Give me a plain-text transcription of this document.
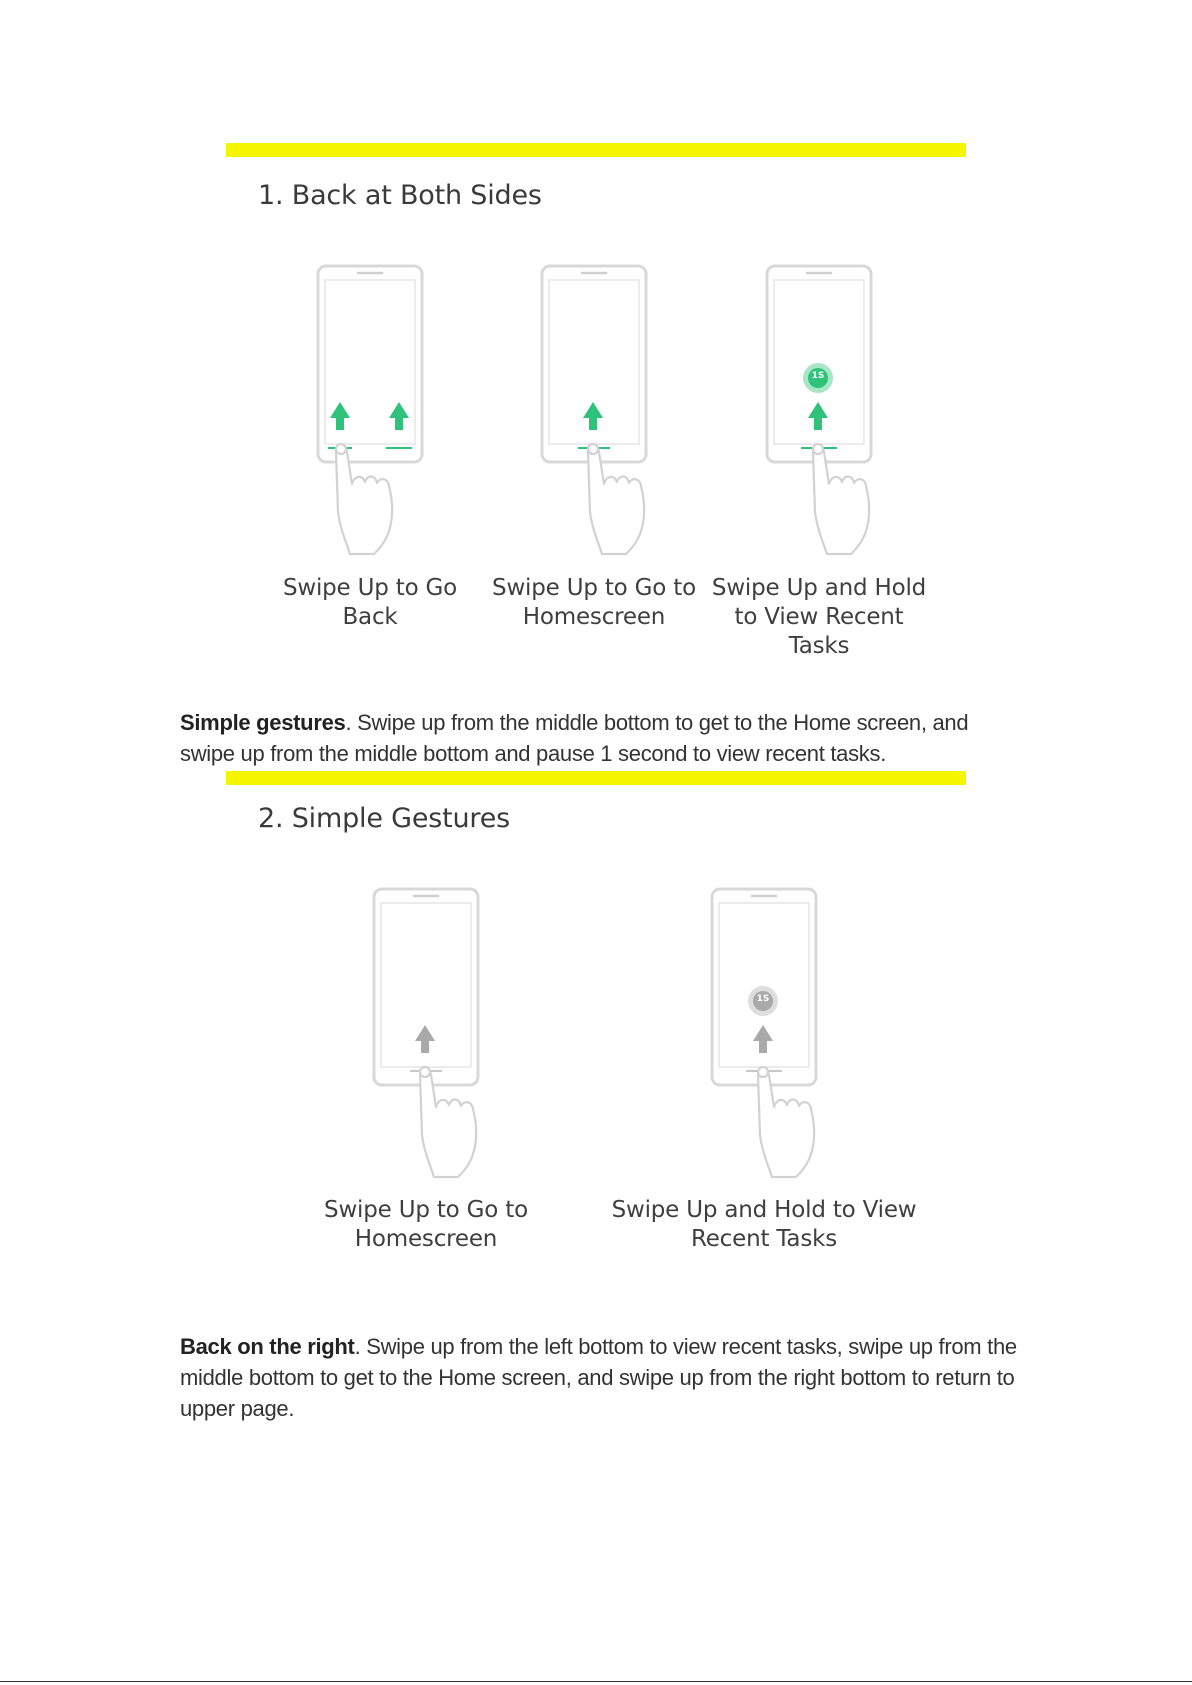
1. Back at Both Sides
1S
Swipe Up to Go
Back
Swipe Up to Go to
Homescreen
Swipe Up and Hold
to View Recent
Tasks
Simple gestures. Swipe up from the middle bottom to get to the Home screen, and swipe up from the middle bottom and pause 1 second to view recent tasks.
2. Simple Gestures
1S
Swipe Up to Go to
Homescreen
Swipe Up and Hold to View
Recent Tasks
Back on the right. Swipe up from the left bottom to view recent tasks, swipe up from the middle bottom to get to the Home screen, and swipe up from the right bottom to return to upper page.
